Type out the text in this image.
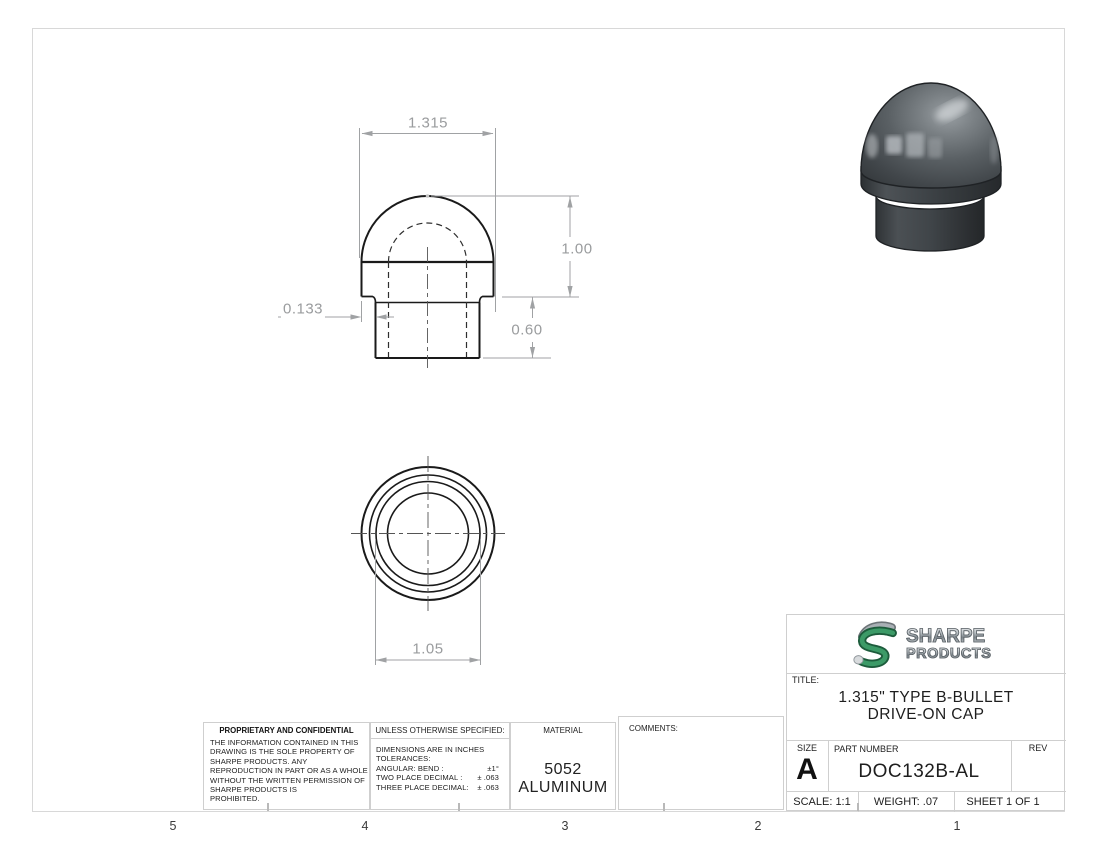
1.315
1.00
0.133
0.60
1.05
PROPRIETARY AND CONFIDENTIAL
THE INFORMATION CONTAINED IN THIS
DRAWING IS THE SOLE PROPERTY OF
SHARPE PRODUCTS. ANY
REPRODUCTION IN PART OR AS A WHOLE
WITHOUT THE WRITTEN PERMISSION OF
SHARPE PRODUCTS IS
PROHIBITED.
UNLESS OTHERWISE SPECIFIED:
DIMENSIONS ARE IN INCHES
TOLERANCES:
ANGULAR: BEND :	±1°
TWO PLACE DECIMAL : ± .063
THREE PLACE DECIMAL: ± .063
MATERIAL
5052
ALUMINUM
COMMENTS:
SHARPE
PRODUCTS
TITLE:
1.315" TYPE B-BULLET
DRIVE-ON CAP
SIZE
A
PART NUMBER
DOC132B-AL
REV
SCALE: 1:1 WEIGHT: .07	SHEET 1 OF 1
5	4	3	2	1
